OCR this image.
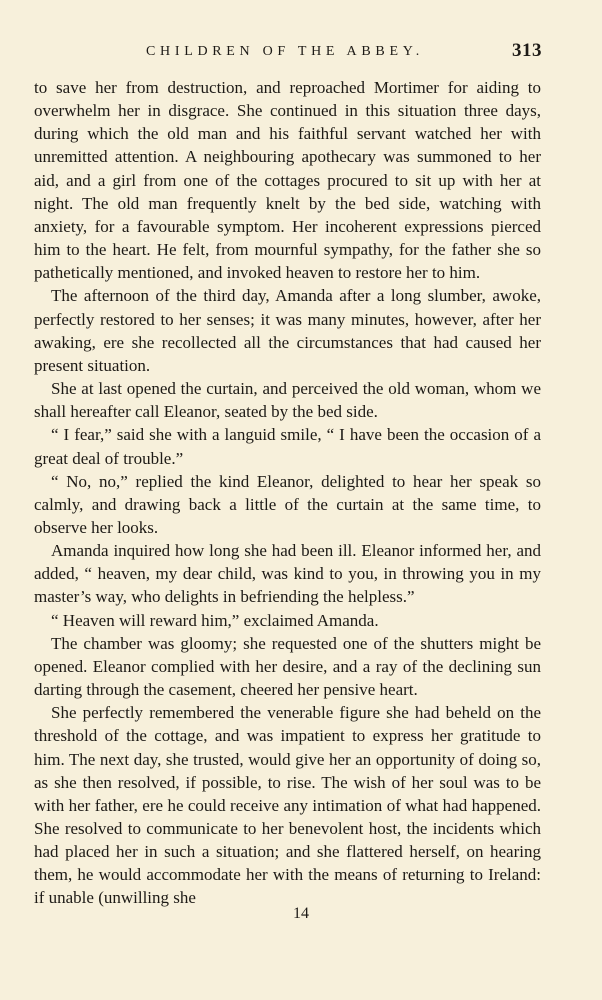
CHILDREN OF THE ABBEY.	313

to save her from destruction, and reproached Mortimer for aiding to overwhelm her in disgrace. She continued in this situation three days, during which the old man and his faithful servant watched her with unremitted attention. A neighbouring apothecary was summoned to her aid, and a girl from one of the cottages procured to sit up with her at night. The old man frequently knelt by the bed side, watching with anxiety, for a favourable symptom. Her incoherent expressions pierced him to the heart. He felt, from mournful sympathy, for the father she so pathetically mentioned, and invoked heaven to restore her to him.

The afternoon of the third day, Amanda after a long slumber, awoke, perfectly restored to her senses; it was many minutes, however, after her awaking, ere she recollected all the circumstances that had caused her present situation.

She at last opened the curtain, and perceived the old woman, whom we shall hereafter call Eleanor, seated by the bed side.

“ I fear,” said she with a languid smile, “ I have been the occasion of a great deal of trouble.”

“ No, no,” replied the kind Eleanor, delighted to hear her speak so calmly, and drawing back a little of the curtain at the same time, to observe her looks.

Amanda inquired how long she had been ill. Eleanor informed her, and added, “ heaven, my dear child, was kind to you, in throwing you in my master’s way, who delights in befriending the helpless.”

“ Heaven will reward him,” exclaimed Amanda.

The chamber was gloomy; she requested one of the shutters might be opened. Eleanor complied with her desire, and a ray of the declining sun darting through the casement, cheered her pensive heart.

She perfectly remembered the venerable figure she had beheld on the threshold of the cottage, and was impatient to express her gratitude to him. The next day, she trusted, would give her an opportunity of doing so, as she then resolved, if possible, to rise. The wish of her soul was to be with her father, ere he could receive any intimation of what had happened. She resolved to communicate to her benevolent host, the incidents which had placed her in such a situation; and she flattered herself, on hearing them, he would accommodate her with the means of returning to Ireland: if unable (unwilling she

14
